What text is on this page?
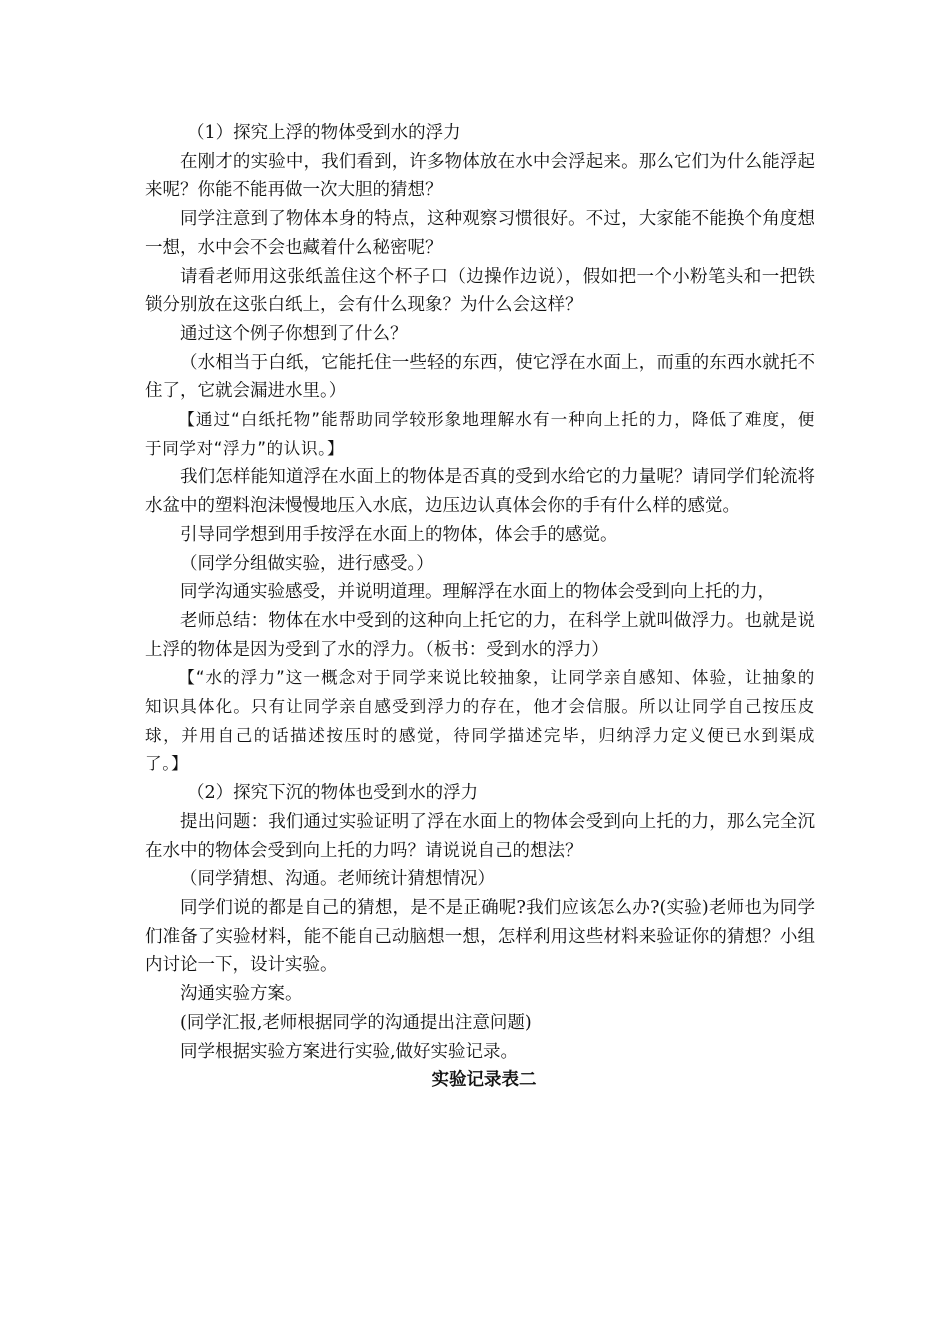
（1）探究上浮的物体受到水的浮力

在刚才的实验中，我们看到，许多物体放在水中会浮起来。那么它们为什么能浮起来呢？你能不能再做一次大胆的猜想？

同学注意到了物体本身的特点，这种观察习惯很好。不过，大家能不能换个角度想一想，水中会不会也藏着什么秘密呢？

请看老师用这张纸盖住这个杯子口（边操作边说），假如把一个小粉笔头和一把铁锁分别放在这张白纸上，会有什么现象？为什么会这样？

通过这个例子你想到了什么？

（水相当于白纸，它能托住一些轻的东西，使它浮在水面上，而重的东西水就托不住了，它就会漏进水里。）

【通过“白纸托物”能帮助同学较形象地理解水有一种向上托的力，降低了难度，便于同学对“浮力”的认识。】

我们怎样能知道浮在水面上的物体是否真的受到水给它的力量呢？请同学们轮流将水盆中的塑料泡沫慢慢地压入水底，边压边认真体会你的手有什么样的感觉。

引导同学想到用手按浮在水面上的物体，体会手的感觉。

（同学分组做实验，进行感受。）

同学沟通实验感受，并说明道理。理解浮在水面上的物体会受到向上托的力，

老师总结：物体在水中受到的这种向上托它的力，在科学上就叫做浮力。也就是说上浮的物体是因为受到了水的浮力。（板书：受到水的浮力）

【“水的浮力”这一概念对于同学来说比较抽象，让同学亲自感知、体验，让抽象的知识具体化。只有让同学亲自感受到浮力的存在，他才会信服。所以让同学自己按压皮球，并用自己的话描述按压时的感觉，待同学描述完毕，归纳浮力定义便已水到渠成了。】

（2）探究下沉的物体也受到水的浮力

提出问题：我们通过实验证明了浮在水面上的物体会受到向上托的力，那么完全沉在水中的物体会受到向上托的力吗？请说说自己的想法？

（同学猜想、沟通。老师统计猜想情况）

同学们说的都是自己的猜想，是不是正确呢?我们应该怎么办?(实验)老师也为同学们准备了实验材料，能不能自己动脑想一想，怎样利用这些材料来验证你的猜想？小组内讨论一下，设计实验。

沟通实验方案。

(同学汇报,老师根据同学的沟通提出注意问题)

同学根据实验方案进行实验,做好实验记录。

实验记录表二
